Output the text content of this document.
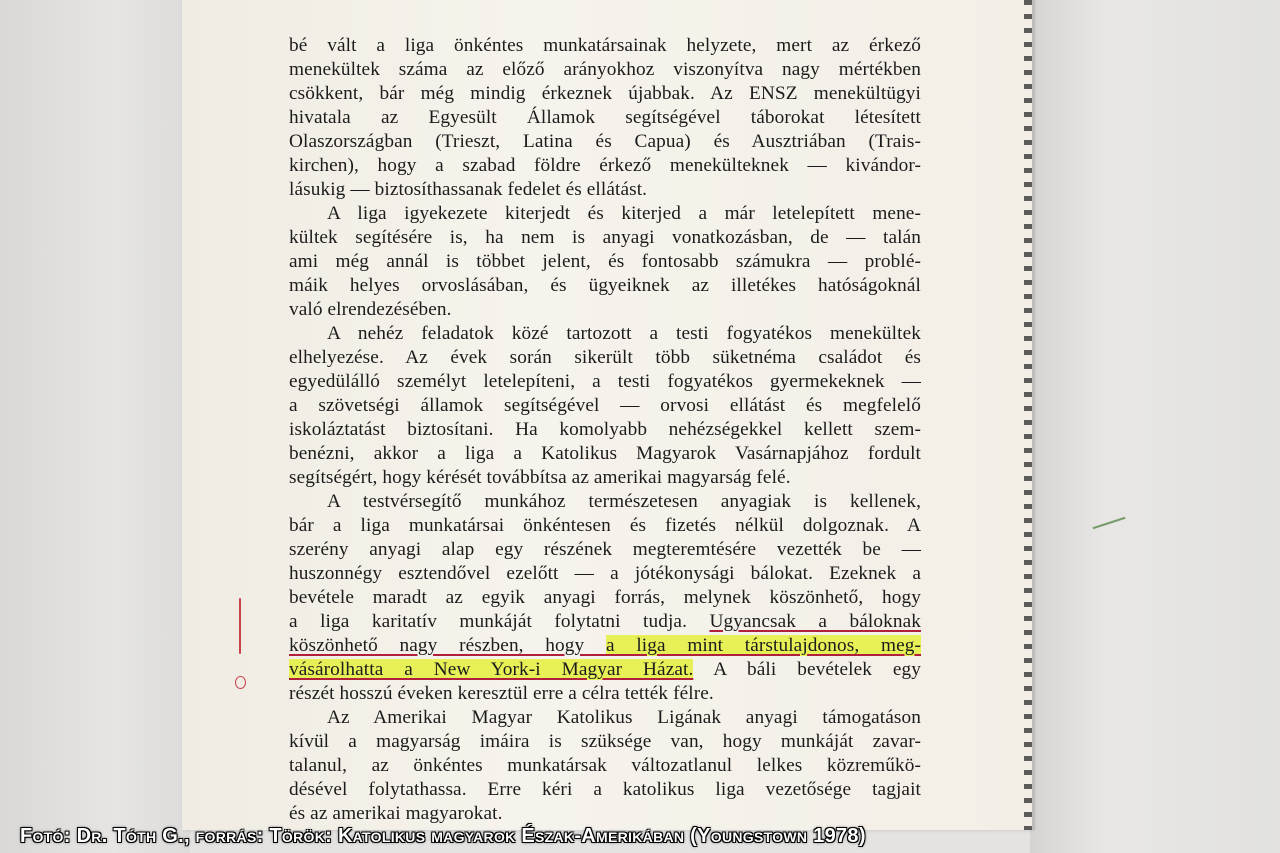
bé vált a liga önkéntes munkatársainak helyzete, mert az érkező
menekültek száma az előző arányokhoz viszonyítva nagy mértékben
csökkent, bár még mindig érkeznek újabbak. Az ENSZ menekültügyi
hivatala az Egyesült Államok segítségével táborokat létesített
Olaszországban (Trieszt, Latina és Capua) és Ausztriában (Trais-
kirchen), hogy a szabad földre érkező menekülteknek — kivándor-
lásukig — biztosíthassanak fedelet és ellátást.
A liga igyekezete kiterjedt és kiterjed a már letelepített mene-
kültek segítésére is, ha nem is anyagi vonatkozásban, de — talán
ami még annál is többet jelent, és fontosabb számukra — problé-
máik helyes orvoslásában, és ügyeiknek az illetékes hatóságoknál
való elrendezésében.
A nehéz feladatok közé tartozott a testi fogyatékos menekültek
elhelyezése. Az évek során sikerült több süketnéma családot és
egyedülálló személyt letelepíteni, a testi fogyatékos gyermekeknek —
a szövetségi államok segítségével — orvosi ellátást és megfelelő
iskoláztatást biztosítani. Ha komolyabb nehézségekkel kellett szem-
benézni, akkor a liga a Katolikus Magyarok Vasárnapjához fordult
segítségért, hogy kérését továbbítsa az amerikai magyarság felé.
A testvérsegítő munkához természetesen anyagiak is kellenek,
bár a liga munkatársai önkéntesen és fizetés nélkül dolgoznak. A
szerény anyagi alap egy részének megteremtésére vezették be —
huszonnégy esztendővel ezelőtt — a jótékonysági bálokat. Ezeknek a
bevétele maradt az egyik anyagi forrás, melynek köszönhető, hogy
a liga karitatív munkáját folytatni tudja. Ugyancsak a báloknak
köszönhető nagy részben, hogy a liga mint társtulajdonos, meg-
vásárolhatta a New York-i Magyar Házat. A báli bevételek egy
részét hosszú éveken keresztül erre a célra tették félre.
Az Amerikai Magyar Katolikus Ligának anyagi támogatáson
kívül a magyarság imáira is szüksége van, hogy munkáját zavar-
talanul, az önkéntes munkatársak változatlanul lelkes közreműkö-
désével folytathassa. Erre kéri a katolikus liga vezetősége tagjait
és az amerikai magyarokat.
Fotó: Dr. Tóth G., forrás: Török: Katolikus magyarok Észak-Amerikában (Youngstown 1978)
